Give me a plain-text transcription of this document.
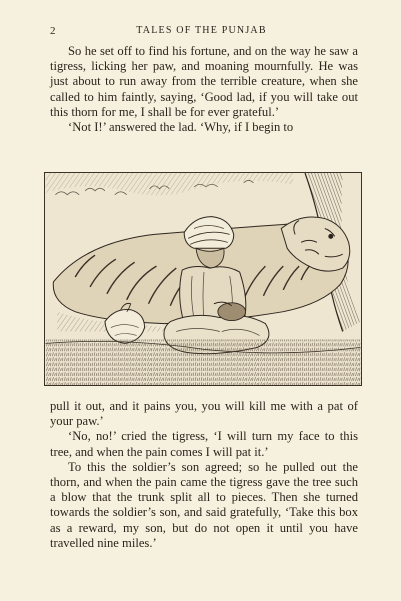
2	TALES OF THE PUNJAB

So he set off to find his fortune, and on the way he saw a tigress, licking her paw, and moaning mournfully. He was just about to run away from the terrible creature, when she called to him faintly, saying, ‘Good lad, if you will take out this thorn for me, I shall be for ever grateful.’

‘Not I!’ answered the lad. ‘Why, if I begin to

pull it out, and it pains you, you will kill me with a pat of your paw.’

‘No, no!’ cried the tigress, ‘I will turn my face to this tree, and when the pain comes I will pat it.’

To this the soldier’s son agreed; so he pulled out the thorn, and when the pain came the tigress gave the tree such a blow that the trunk split all to pieces. Then she turned towards the soldier’s son, and said gratefully, ‘Take this box as a reward, my son, but do not open it until you have travelled nine miles.’
